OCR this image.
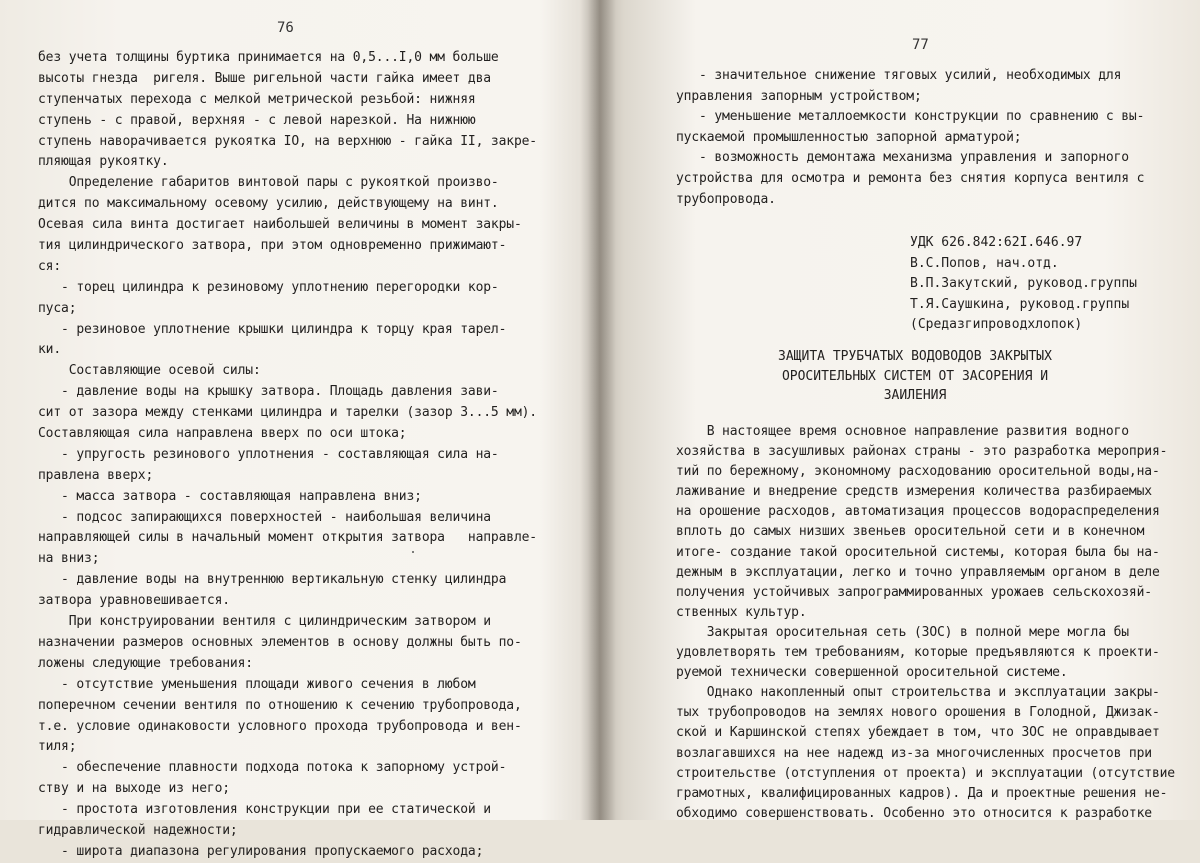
76
без учета толщины буртика принимается на 0,5...I,0 мм больше
высоты гнезда  ригеля. Выше ригельной части гайка имеет два
ступенчатых перехода с мелкой метрической резьбой: нижняя
ступень - с правой, верхняя - с левой нарезкой. На нижнюю
ступень наворачивается рукоятка IO, на верхнюю - гайка II, закре-
пляющая рукоятку.
Определение габаритов винтовой пары с рукояткой произво-
дится по максимальному осевому усилию, действующему на винт.
Осевая сила винта достигает наибольшей величины в момент закры-
тия цилиндрического затвора, при этом одновременно прижимают-
ся:
- торец цилиндра к резиновому уплотнению перегородки кор-
пуса;
- резиновое уплотнение крышки цилиндра к торцу края тарел-
ки.
Составляющие осевой силы:
- давление воды на крышку затвора. Площадь давления зави-
сит от зазора между стенками цилиндра и тарелки (зазор 3...5 мм).
Составляющая сила направлена вверх по оси штока;
- упругость резинового уплотнения - составляющая сила на-
правлена вверх;
- масса затвора - составляющая направлена вниз;
- подсос запирающихся поверхностей - наибольшая величина
направляющей силы в начальный момент открытия затвора   направле-
на вниз;
- давление воды на внутреннюю вертикальную стенку цилиндра
затвора уравновешивается.
При конструировании вентиля с цилиндрическим затвором и
назначении размеров основных элементов в основу должны быть по-
ложены следующие требования:
- отсутствие уменьшения площади живого сечения в любом
поперечном сечении вентиля по отношению к сечению трубопровода,
т.е. условие одинаковости условного прохода трубопровода и вен-
тиля;
- обеспечение плавности подхода потока к запорному устрой-
ству и на выходе из него;
- простота изготовления конструкции при ее статической и
гидравлической надежности;
- широта диапазона регулирования пропускаемого расхода;
77
- значительное снижение тяговых усилий, необходимых для
управления запорным устройством;
- уменьшение металлоемкости конструкции по сравнению с вы-
пускаемой промышленностью запорной арматурой;
- возможность демонтажа механизма управления и запорного
устройства для осмотра и ремонта без снятия корпуса вентиля с
трубопровода.
УДК 626.842:62I.646.97
В.С.Попов, нач.отд.
В.П.Закутский, руковод.группы
Т.Я.Саушкина, руковод.группы
(Средазгипроводхлопок)
ЗАЩИТА ТРУБЧАТЫХ ВОДОВОДОВ ЗАКРЫТЫХ
ОРОСИТЕЛЬНЫХ СИСТЕМ ОТ ЗАСОРЕНИЯ И
ЗАИЛЕНИЯ
В настоящее время основное направление развития водного
хозяйства в засушливых районах страны - это разработка мероприя-
тий по бережному, экономному расходованию оросительной воды,на-
лаживание и внедрение средств измерения количества разбираемых
на орошение расходов, автоматизация процессов водораспределения
вплоть до самых низших звеньев оросительной сети и в конечном
итоге- создание такой оросительной системы, которая была бы на-
дежным в эксплуатации, легко и точно управляемым органом в деле
получения устойчивых запрограммированных урожаев сельскохозяй-
ственных культур.
Закрытая оросительная сеть (ЗОС) в полной мере могла бы
удовлетворять тем требованиям, которые предъявляются к проекти-
руемой технически совершенной оросительной системе.
Однако накопленный опыт строительства и эксплуатации закры-
тых трубопроводов на землях нового орошения в Голодной, Джизак-
ской и Каршинской степях убеждает в том, что ЗОС не оправдывает
возлагавшихся на нее надежд из-за многочисленных просчетов при
строительстве (отступления от проекта) и эксплуатации (отсутствие
грамотных, квалифицированных кадров). Да и проектные решения не-
обходимо совершенствовать. Особенно это относится к разработке
